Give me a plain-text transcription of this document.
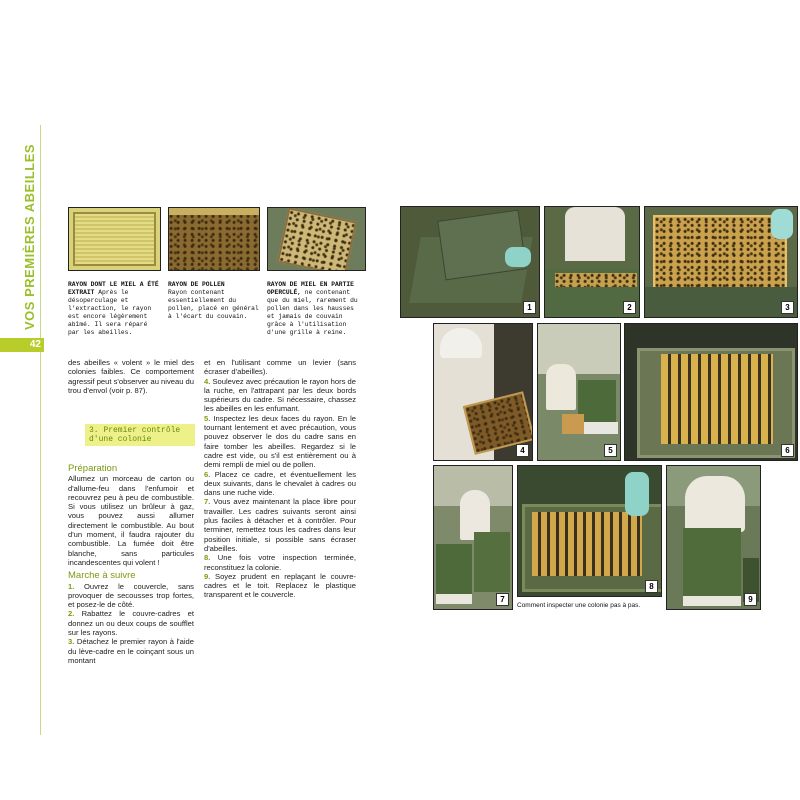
VOS PREMIÈRES ABEILLES
42
RAYON DONT LE MIEL A ÉTÉ EXTRAIT Après le désoperculage et l'extraction, le rayon est encore légèrement abîmé. Il sera réparé par les abeilles.
RAYON DE POLLEN
Rayon contenant essentiellement du pollen, placé en général à l'écart du couvain.
RAYON DE MIEL EN PARTIE OPERCULÉ, ne contenant que du miel, rarement du pollen dans les hausses et jamais de couvain grâce à l'utilisation d'une grille à reine.

des abeilles « volent » le miel des colonies faibles. Ce comportement agressif peut s'observer au niveau du trou d'envol (voir p. 87).

3. Premier contrôle d'une colonie
Préparation

Allumez un morceau de carton ou d'allume-feu dans l'enfumoir et recouvrez peu à peu de combustible. Si vous utilisez un brûleur à gaz, vous pouvez aussi allumer directement le combustible. Au bout d'un moment, il faudra rajouter du combustible. La fumée doit être blanche, sans particules incandescentes qui volent !

Marche à suivre

1. Ouvrez le couvercle, sans provoquer de secousses trop fortes, et posez-le de côté.

2. Rabattez le couvre-cadres et donnez un ou deux coups de soufflet sur les rayons.

3. Détachez le premier rayon à l'aide du lève-cadre en le coinçant sous un montant

et en l'utilisant comme un levier (sans écraser d'abeilles).

4. Soulevez avec précaution le rayon hors de la ruche, en l'attrapant par les deux bords supérieurs du cadre. Si nécessaire, chassez les abeilles en les enfumant.

5. Inspectez les deux faces du rayon. En le tournant lentement et avec précaution, vous pouvez observer le dos du cadre sans en faire tomber les abeilles. Regardez si le cadre est vide, ou s'il est entièrement ou à demi rempli de miel ou de pollen.

6. Placez ce cadre, et éventuellement les deux suivants, dans le chevalet à cadres ou dans une ruche vide.

7. Vous avez maintenant la place libre pour travailler. Les cadres suivants seront ainsi plus faciles à détacher et à contrôler. Pour terminer, remettez tous les cadres dans leur position initiale, si possible sans écraser d'abeilles.

8. Une fois votre inspection terminée, reconstituez la colonie.

9. Soyez prudent en replaçant le couvre-cadres et le toit. Replacez le plastique transparent et le couvercle.

1	2	3
4	5	6
7
8
9
Comment inspecter une colonie pas à pas.
